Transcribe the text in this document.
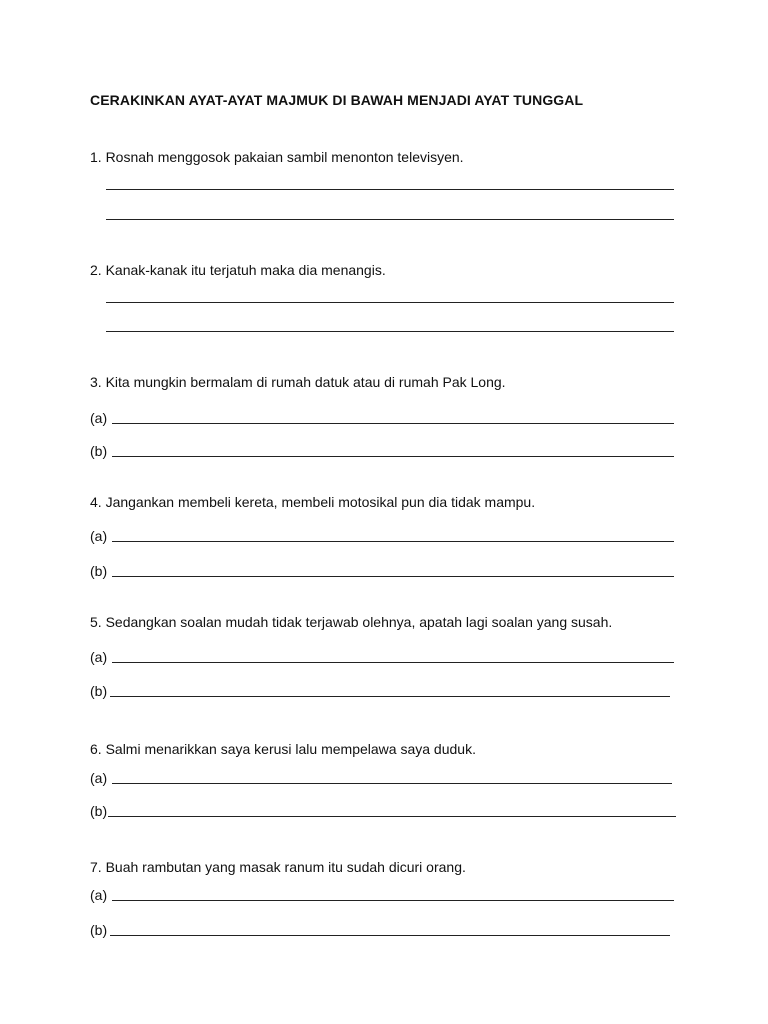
CERAKINKAN AYAT-AYAT MAJMUK DI BAWAH MENJADI AYAT TUNGGAL
1. Rosnah menggosok pakaian sambil menonton televisyen.
2. Kanak-kanak itu terjatuh maka dia menangis.
3. Kita mungkin bermalam di rumah datuk atau di rumah Pak Long.
(a)
(b)
4. Jangankan membeli kereta, membeli motosikal pun dia tidak mampu.
(a)
(b)
5. Sedangkan soalan mudah tidak terjawab olehnya, apatah lagi soalan yang susah.
(a)
(b)
6. Salmi menarikkan saya kerusi lalu mempelawa saya duduk.
(a)
(b)
7. Buah rambutan yang masak ranum itu sudah dicuri orang.
(a)
(b)
